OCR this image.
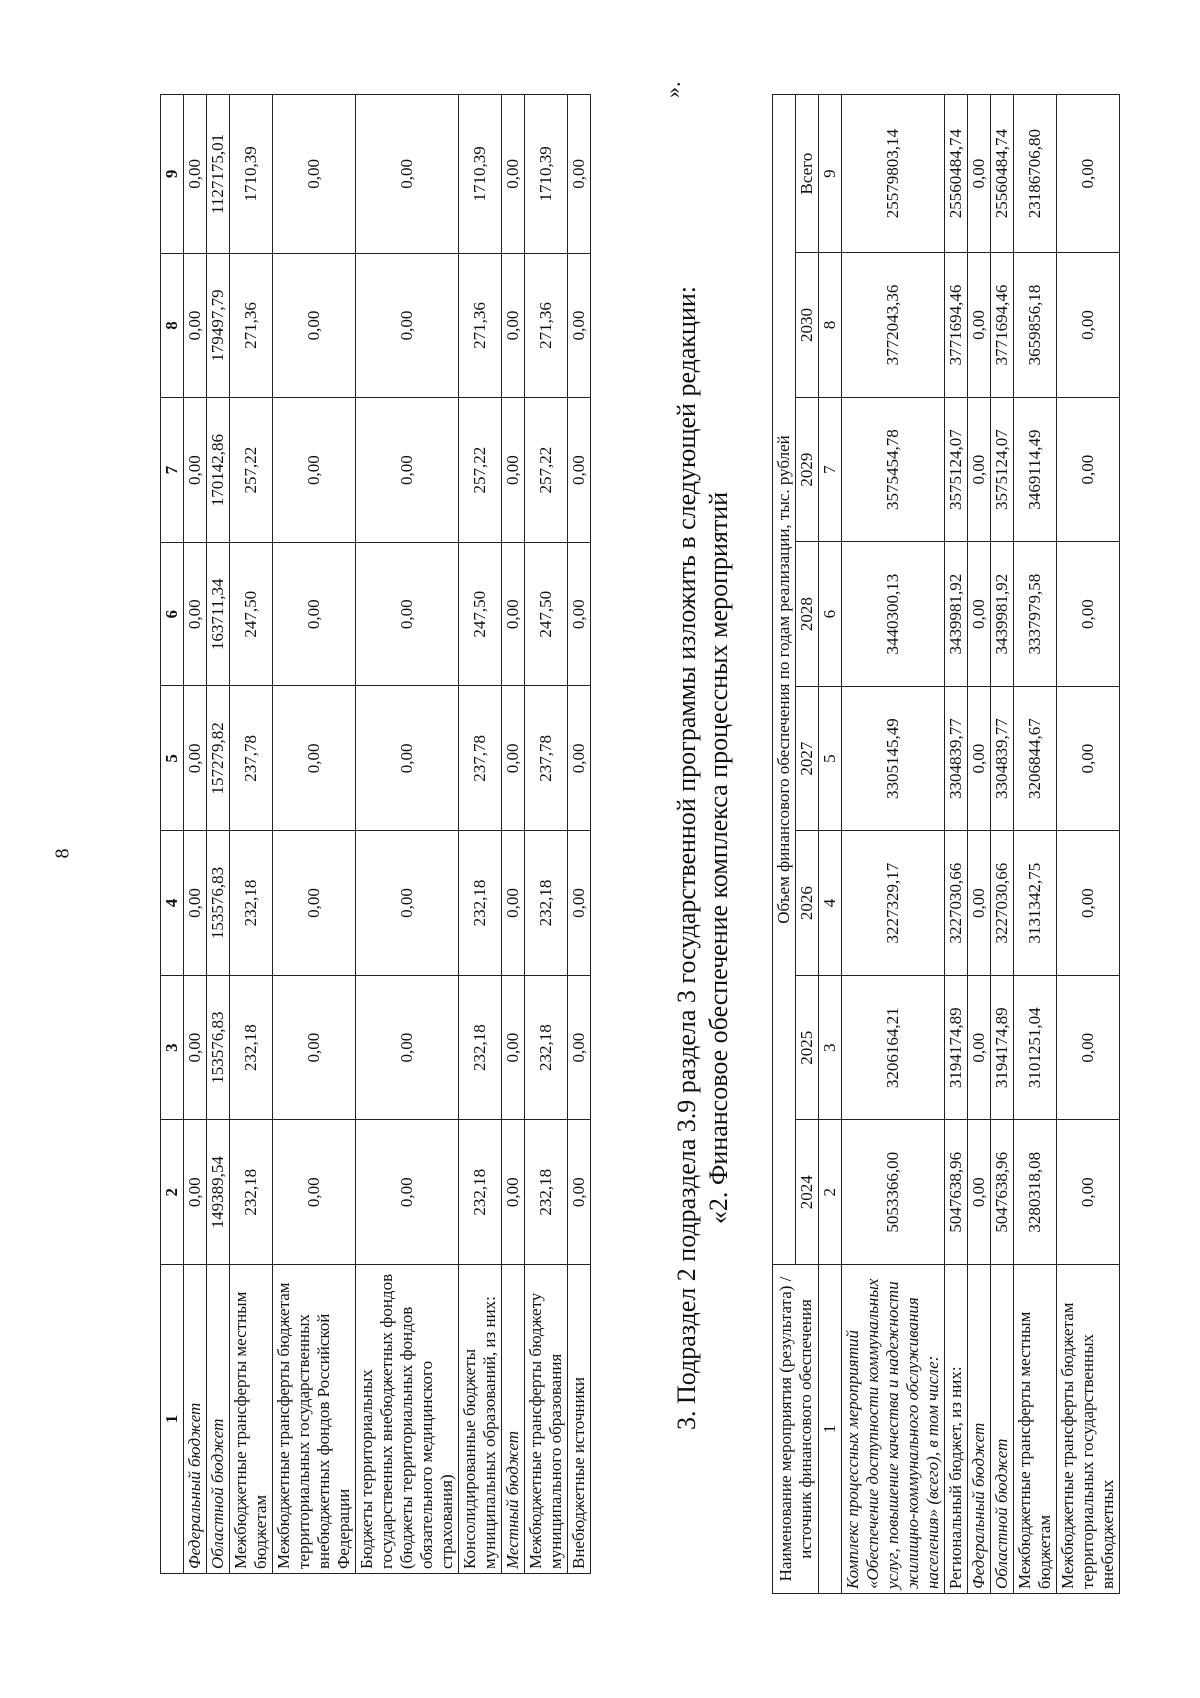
8
1	2	3	4	5	6	7	8	9
Федеральный бюджет	0,00	0,00	0,00	0,00	0,00	0,00	0,00	0,00
Областной бюджет	149389,54	153576,83	153576,83	157279,82	163711,34	170142,86	179497,79	1127175,01
Межбюджетные трансферты местным бюджетам	232,18	232,18	232,18	237,78	247,50	257,22	271,36	1710,39
Межбюджетные трансферты бюджетам территориальных государственных внебюджетных фондов Российской Федерации	0,00	0,00	0,00	0,00	0,00	0,00	0,00	0,00
Бюджеты территориальных государственных внебюджетных фондов (бюджеты территориальных фондов обязательного медицинского страхования)	0,00	0,00	0,00	0,00	0,00	0,00	0,00	0,00
Консолидированные бюджеты муниципальных образований, из них:	232,18	232,18	232,18	237,78	247,50	257,22	271,36	1710,39
Местный бюджет	0,00	0,00	0,00	0,00	0,00	0,00	0,00	0,00
Межбюджетные трансферты бюджету муниципального образования	232,18	232,18	232,18	237,78	247,50	257,22	271,36	1710,39
Внебюджетные источники	0,00	0,00	0,00	0,00	0,00	0,00	0,00	0,00
».
3. Подраздел 2 подраздела 3.9 раздела 3 государственной программы изложить в следующей редакции: «2. Финансовое обеспечение комплекса процессных мероприятий
Наименование мероприятия (результата) / источник финансового обеспечения	Объем финансового обеспечения по годам реализации, тыс. рублей							
	2024	2025	2026	2027	2028	2029	2030	Всего
1	2	3	4	5	6	7	8	9
Комплекс процессных мероприятий «Обеспечение доступности коммунальных услуг, повышение качества и надежности жилищно-коммунального обслуживания населения» (всего), в том числе:	5053366,00	3206164,21	3227329,17	3305145,49	3440300,13	3575454,78	3772043,36	25579803,14
Региональный бюджет, из них:	5047638,96	3194174,89	3227030,66	3304839,77	3439981,92	3575124,07	3771694,46	25560484,74
Федеральный бюджет	0,00	0,00	0,00	0,00	0,00	0,00	0,00	0,00
Областной бюджет	5047638,96	3194174,89	3227030,66	3304839,77	3439981,92	3575124,07	3771694,46	25560484,74
Межбюджетные трансферты местным бюджетам	3280318,08	3101251,04	3131342,75	3206844,67	3337979,58	3469114,49	3659856,18	23186706,80
Межбюджетные трансферты бюджетам территориальных государственных внебюджетных	0,00	0,00	0,00	0,00	0,00	0,00	0,00	0,00
